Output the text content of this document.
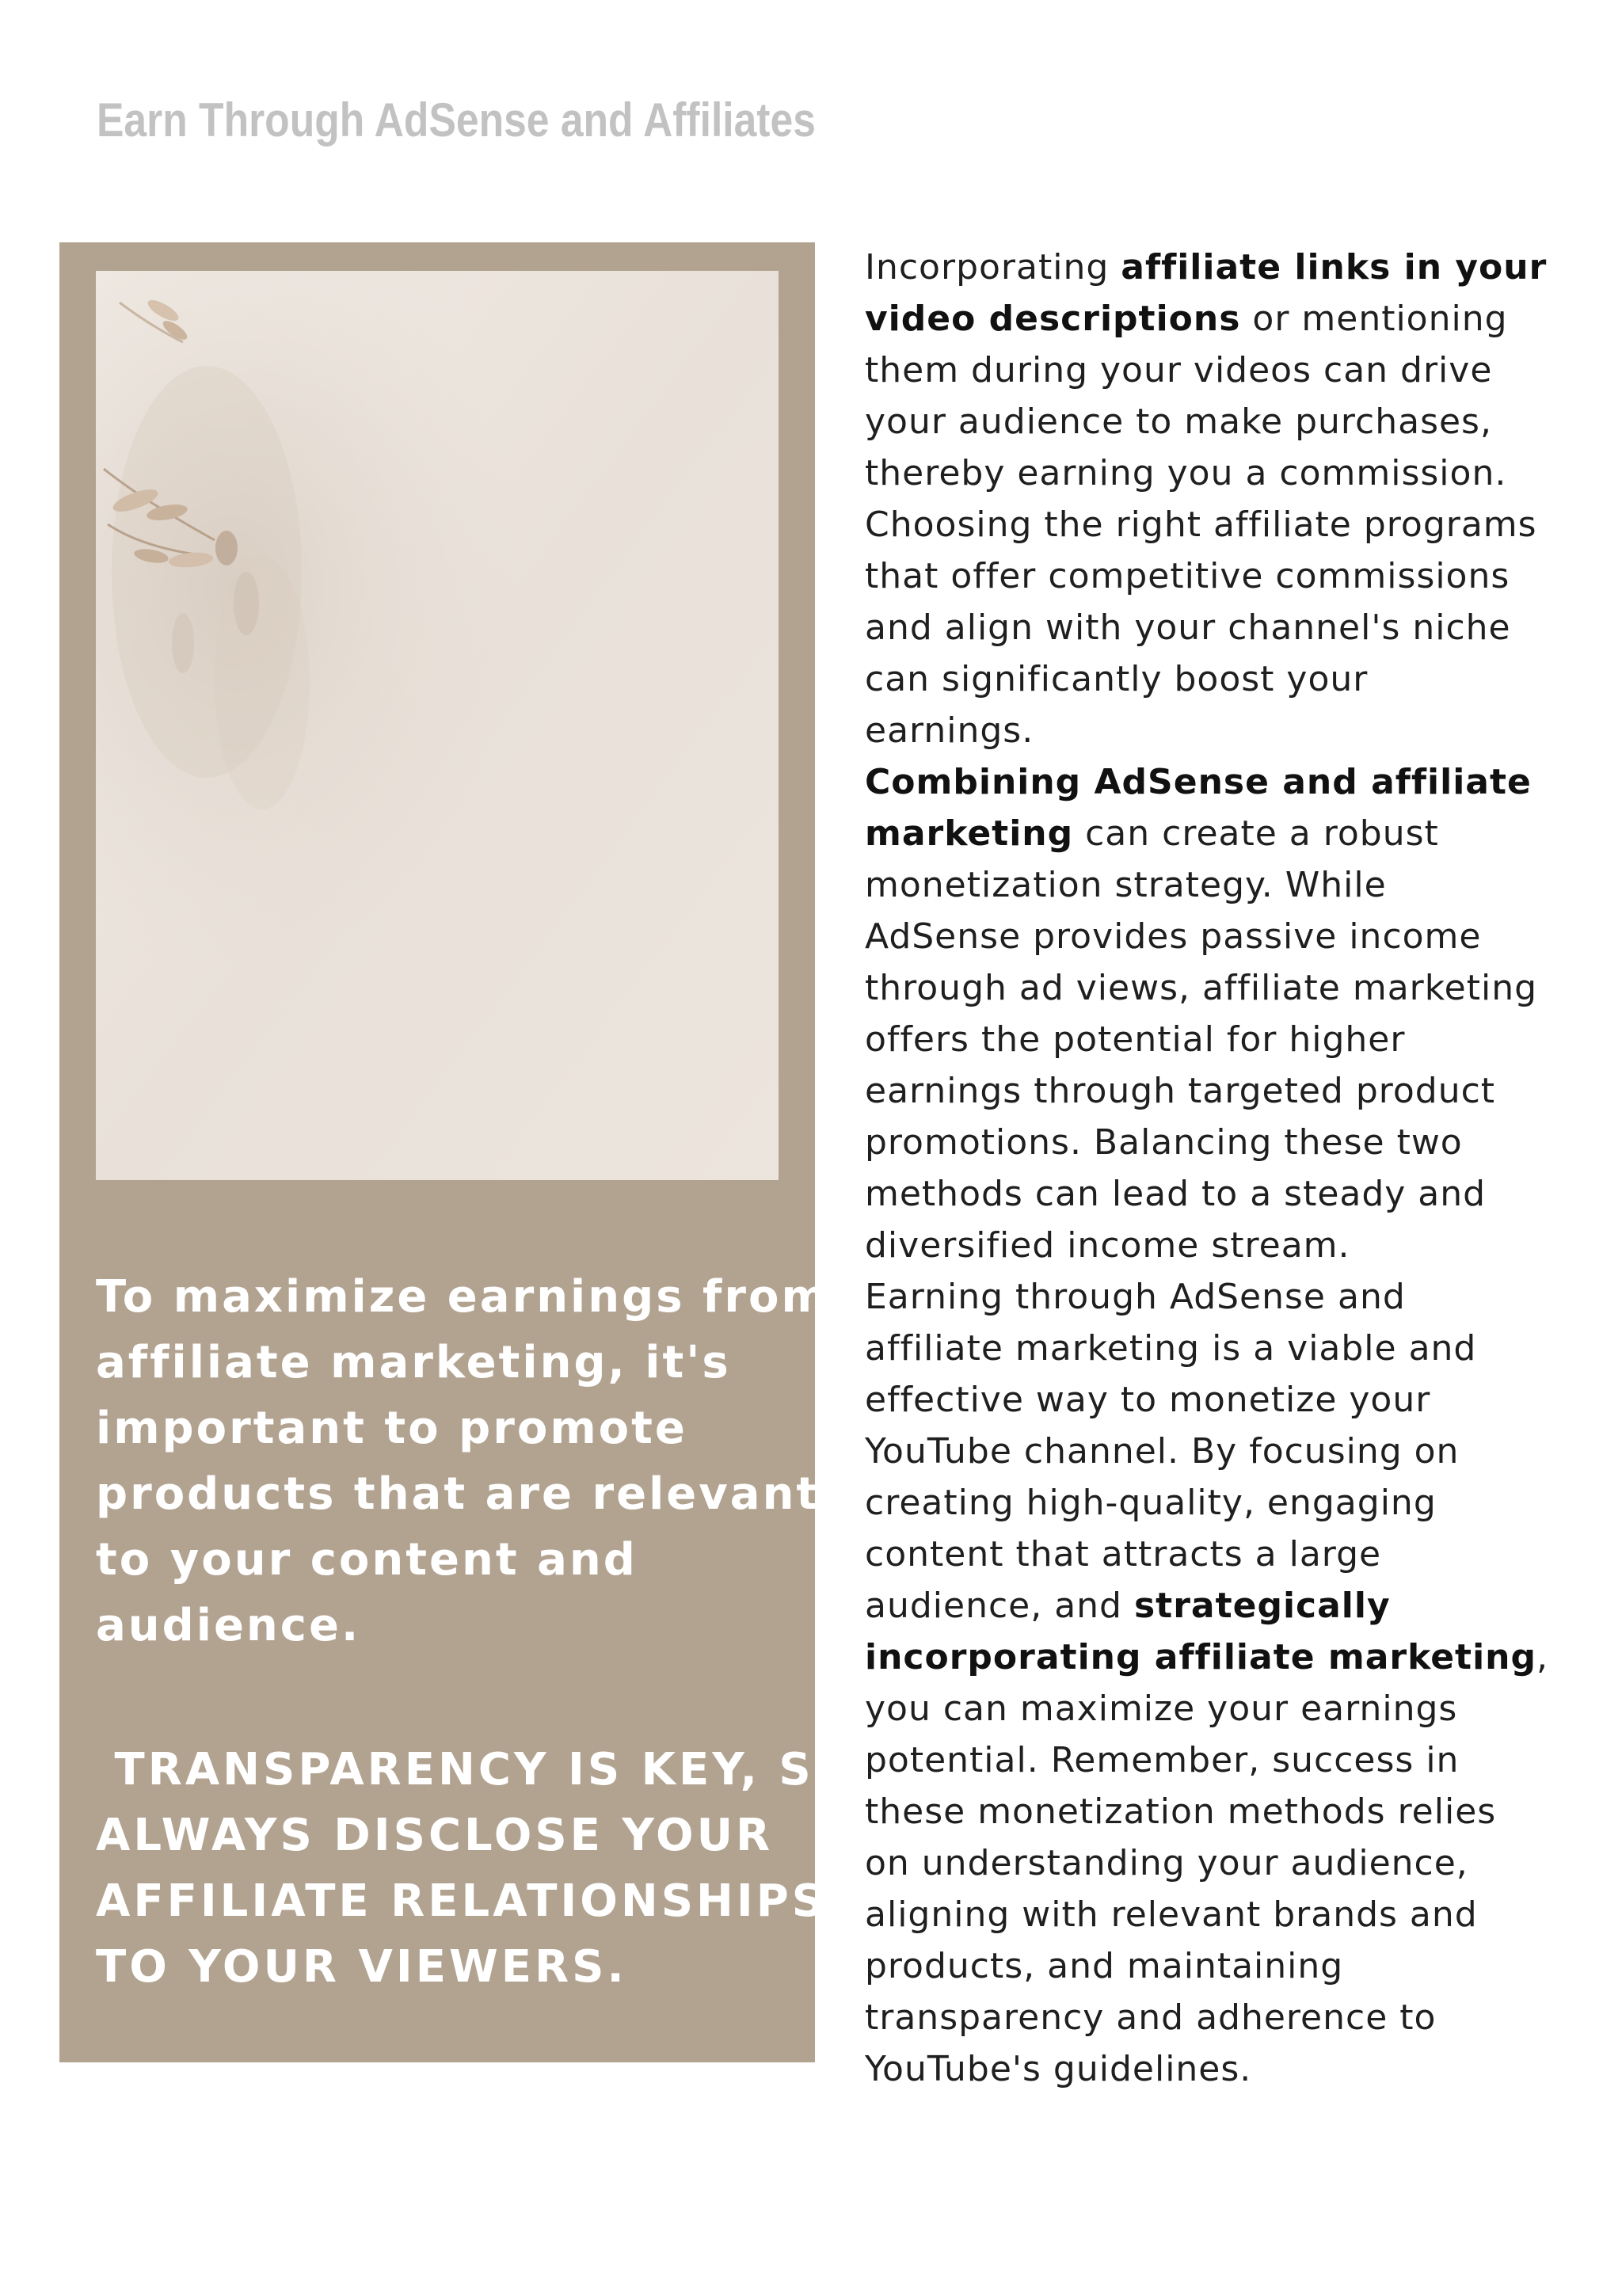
Earn Through AdSense and Affiliates

To maximize earnings from
affiliate marketing, it's
important to promote
products that are relevant
to your content and
audience.

TRANSPARENCY IS KEY, SO
ALWAYS DISCLOSE YOUR
AFFILIATE RELATIONSHIPS
TO YOUR VIEWERS.

Incorporating affiliate links in your
video descriptions or mentioning
them during your videos can drive
your audience to make purchases,
thereby earning you a commission.
Choosing the right affiliate programs
that offer competitive commissions
and align with your channel's niche
can significantly boost your
earnings.
Combining AdSense and affiliate
marketing can create a robust
monetization strategy. While
AdSense provides passive income
through ad views, affiliate marketing
offers the potential for higher
earnings through targeted product
promotions. Balancing these two
methods can lead to a steady and
diversified income stream.
Earning through AdSense and
affiliate marketing is a viable and
effective way to monetize your
YouTube channel. By focusing on
creating high-quality, engaging
content that attracts a large
audience, and strategically
incorporating affiliate marketing,
you can maximize your earnings
potential. Remember, success in
these monetization methods relies
on understanding your audience,
aligning with relevant brands and
products, and maintaining
transparency and adherence to
YouTube's guidelines.
